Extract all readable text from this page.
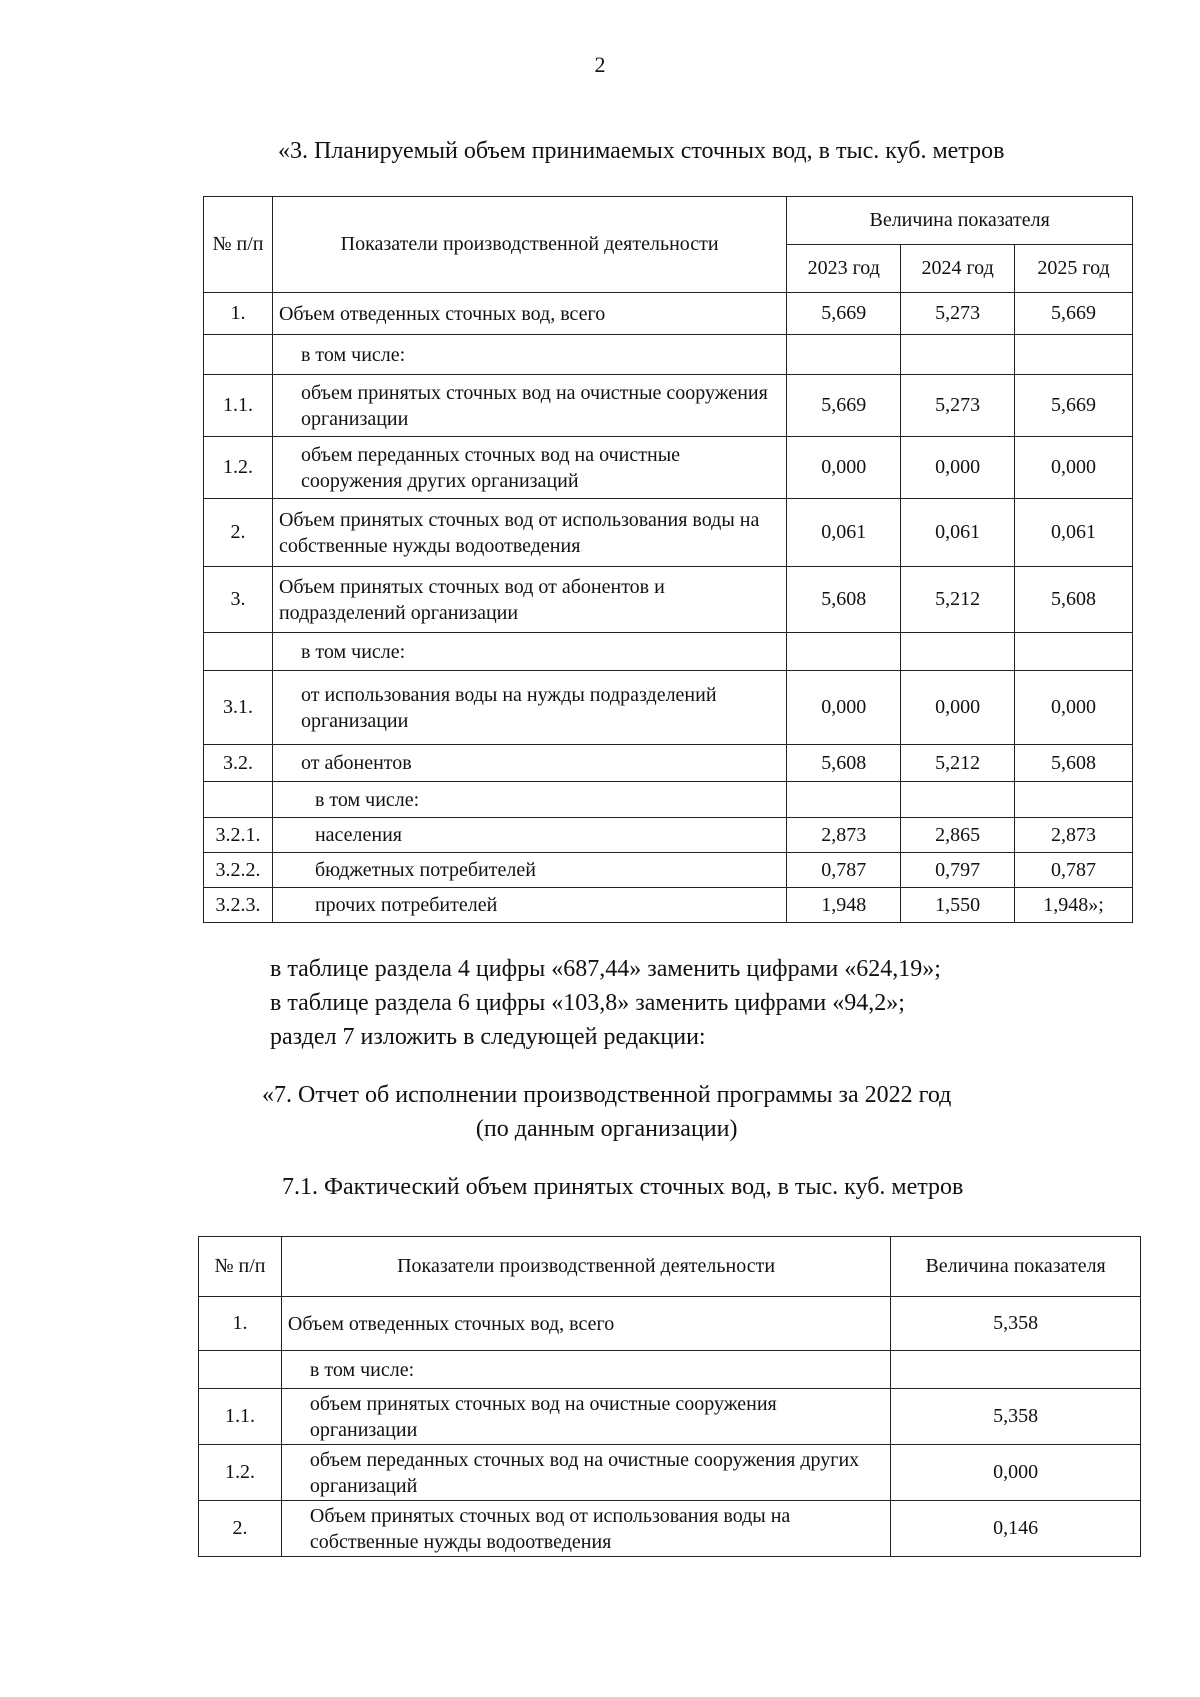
2
«3. Планируемый объем принимаемых сточных вод, в тыс. куб. метров
№ п/п	Показатели производственной деятельности	Величина показателя		
		2023 год	2024 год	2025 год
1.	Объем отведенных сточных вод, всего	5,669	5,273	5,669
	в том числе:			
1.1.	объем принятых сточных вод на очистные сооружения организации	5,669	5,273	5,669
1.2.	объем переданных сточных вод на очистные сооружения других организаций	0,000	0,000	0,000
2.	Объем принятых сточных вод от использования воды на собственные нужды водоотведения	0,061	0,061	0,061
3.	Объем принятых сточных вод от абонентов и подразделений организации	5,608	5,212	5,608
	в том числе:			
3.1.	от использования воды на нужды подразделений организации	0,000	0,000	0,000
3.2.	от абонентов	5,608	5,212	5,608
	в том числе:			
3.2.1.	населения	2,873	2,865	2,873
3.2.2.	бюджетных потребителей	0,787	0,797	0,787
3.2.3.	прочих потребителей	1,948	1,550	1,948»;
в таблице раздела 4 цифры «687,44» заменить цифрами «624,19»;
в таблице раздела 6 цифры «103,8» заменить цифрами «94,2»;
раздел 7 изложить в следующей редакции:
«7. Отчет об исполнении производственной программы за 2022 год
(по данным организации)
7.1. Фактический объем принятых сточных вод, в тыс. куб. метров
№ п/п	Показатели производственной деятельности	Величина показателя
1.	Объем отведенных сточных вод, всего	5,358
	в том числе:	
1.1.	объем принятых сточных вод на очистные сооружения организации	5,358
1.2.	объем переданных сточных вод на очистные сооружения других организаций	0,000
2.	Объем принятых сточных вод от использования воды на собственные нужды водоотведения	0,146
